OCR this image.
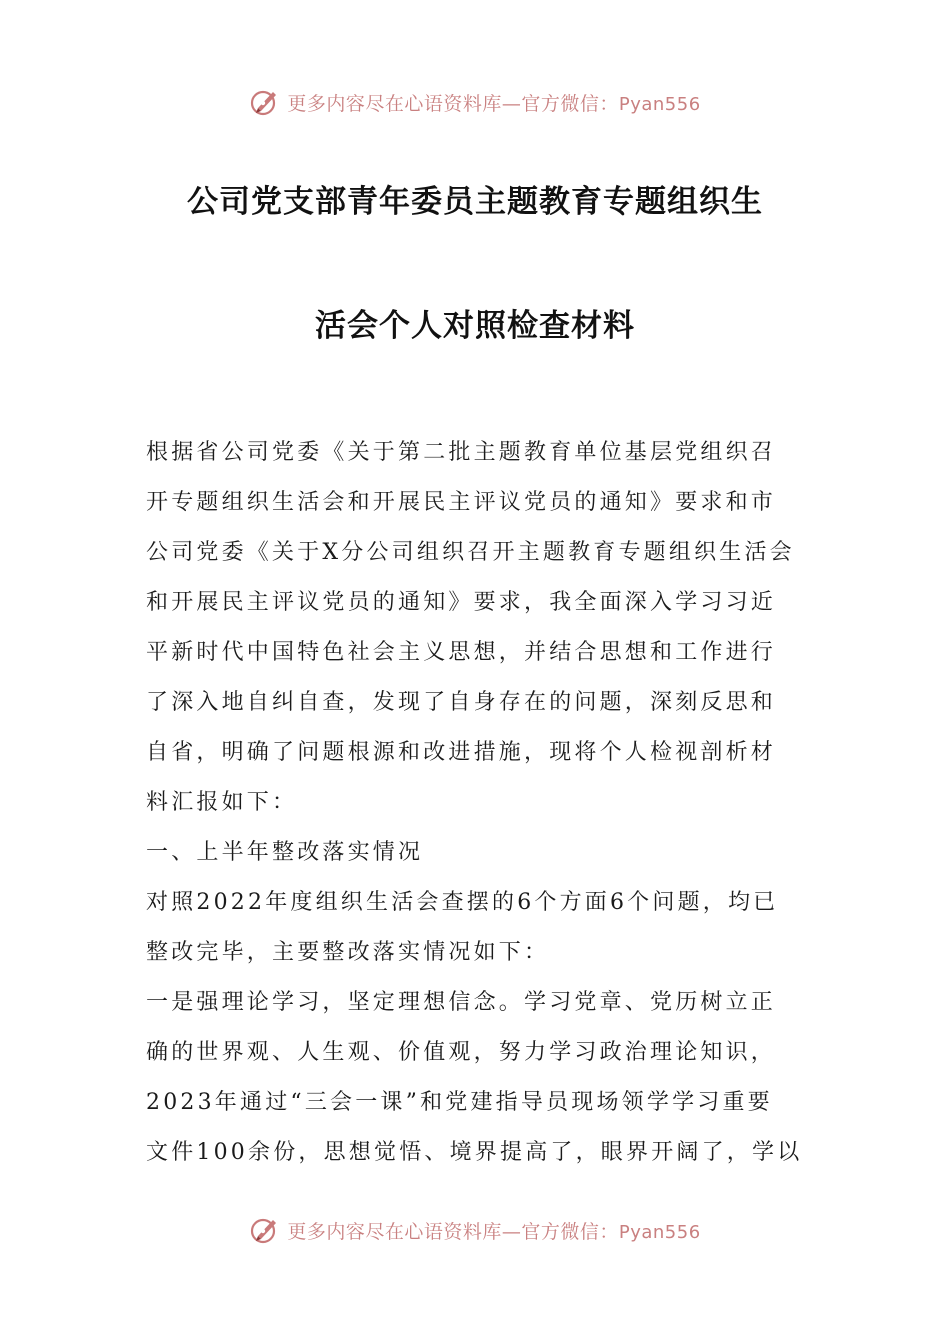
更多内容尽在心语资料库—官方微信：Pyan556
公司党支部青年委员主题教育专题组织生
活会个人对照检查材料
根据省公司党委《关于第二批主题教育单位基层党组织召
开专题组织生活会和开展民主评议党员的通知》要求和市
公司党委《关于X分公司组织召开主题教育专题组织生活会
和开展民主评议党员的通知》要求，我全面深入学习习近
平新时代中国特色社会主义思想，并结合思想和工作进行
了深入地自纠自查，发现了自身存在的问题，深刻反思和
自省，明确了问题根源和改进措施，现将个人检视剖析材
料汇报如下：
一、上半年整改落实情况
对照2022年度组织生活会查摆的6个方面6个问题，均已
整改完毕，主要整改落实情况如下：
一是强理论学习，坚定理想信念。学习党章、党历树立正
确的世界观、人生观、价值观，努力学习政治理论知识，
2023年通过“三会一课”和党建指导员现场领学学习重要
文件100余份，思想觉悟、境界提高了，眼界开阔了，学以
更多内容尽在心语资料库—官方微信：Pyan556
